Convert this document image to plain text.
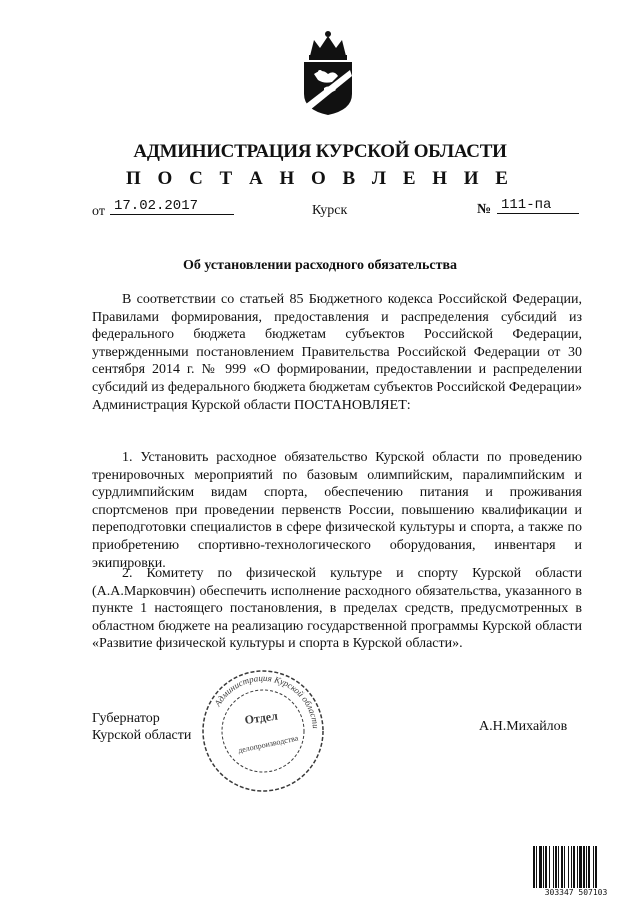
АДМИНИСТРАЦИЯ КУРСКОЙ ОБЛАСТИ
П О С Т А Н О В Л Е Н И Е
от 17.02.2017	Курск	№ 111-па
Об установлении расходного обязательства
В соответствии со статьей 85 Бюджетного кодекса Российской Федерации, Правилами формирования, предоставления и распределения субсидий из федерального бюджета бюджетам субъектов Российской Федерации, утвержденными постановлением Правительства Российской Федерации от 30 сентября 2014 г. № 999 «О формировании, предоставлении и распределении субсидий из федерального бюджета бюджетам субъектов Российской Федерации» Администрация Курской области ПОСТАНОВЛЯЕТ:
1. Установить расходное обязательство Курской области по проведению тренировочных мероприятий по базовым олимпийским, паралимпийским и сурдлимпийским видам спорта, обеспечению питания и проживания спортсменов при проведении первенств России, повышению квалификации и переподготовки специалистов в сфере физической культуры и спорта, а также по приобретению спортивно-технологического оборудования, инвентаря и экипировки.
2. Комитету по физической культуре и спорту Курской области (А.А.Марковчин) обеспечить исполнение расходного обязательства, указанного в пункте 1 настоящего постановления, в пределах средств, предусмотренных в областном бюджете на реализацию государственной программы Курской области «Развитие физической культуры и спорта в Курской области».
Губернатор
Курской области
А.Н.Михайлов
Администрация Курской области
Отдел
делопроизводства
303347 507103
